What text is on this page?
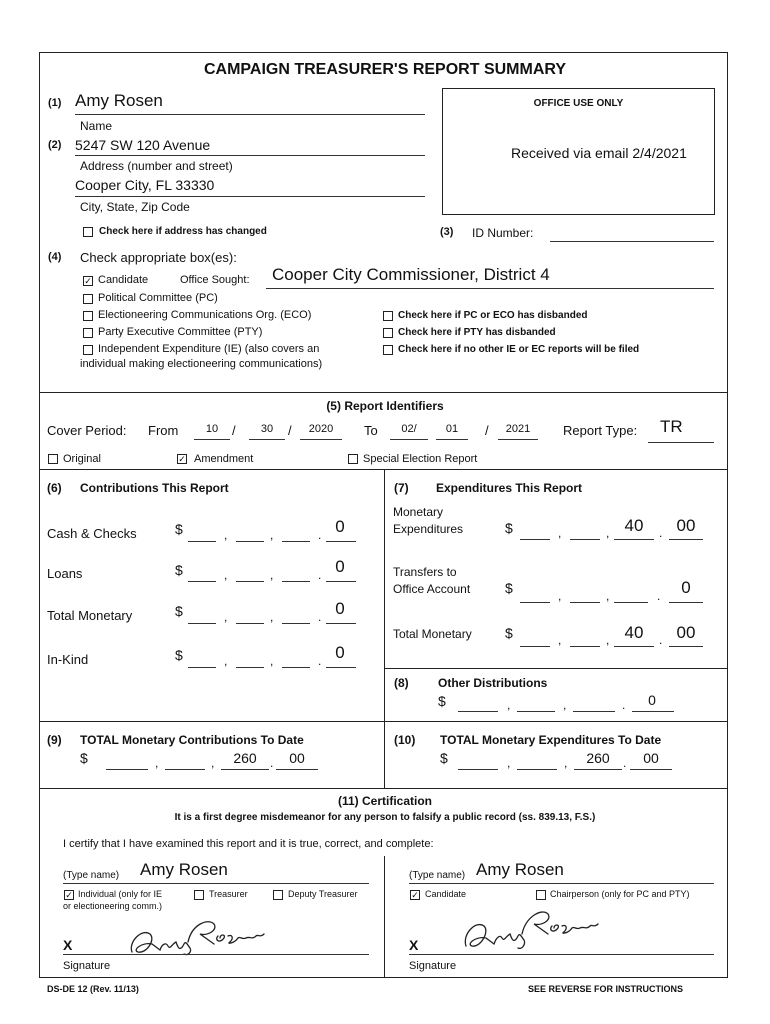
CAMPAIGN TREASURER'S REPORT SUMMARY
(1) Amy Rosen
Name
(2) 5247 SW 120 Avenue
Address (number and street)
Cooper City, FL 33330
City, State, Zip Code
Check here if address has changed
OFFICE USE ONLY
Received via email 2/4/2021
(3) ID Number:
(4) Check appropriate box(es):
✓ Candidate	Office Sought: Cooper City Commissioner, District 4
Political Committee (PC)
Electioneering Communications Org. (ECO)
Party Executive Committee (PTY)
Independent Expenditure (IE) (also covers an
individual making electioneering communications)
Check here if PC or ECO has disbanded
Check here if PTY has disbanded
Check here if no other IE or EC reports will be filed
(5) Report Identifiers
Cover Period: From	10	/	30	/	2020	To	02/	01	/	2021	Report Type: TR
Original	✓ Amendment	Special Election Report
(6) Contributions This Report
Cash & Checks	$	,	,	. 0
Loans	$	,	,	. 0
Total Monetary	$	,	,	. 0
In-Kind	$	,	,	. 0
(7) Expenditures This Report
Monetary
Expenditures	$	,	, 40	. 00
Transfers to
Office Account $	,	,	.	0
Total Monetary $	,	, 40	. 00
(8) Other Distributions
$	,	,	.	0
(9) TOTAL Monetary Contributions To Date
$	,	,	260	.	00
(10) TOTAL Monetary Expenditures To Date
$	,	,	260	.	00
(11) Certification
It is a first degree misdemeanor for any person to falsify a public record (ss. 839.13, F.S.)
I certify that I have examined this report and it is true, correct, and complete:
(Type name) Amy Rosen
✓ Individual (only for IE
or electioneering comm.)
Treasurer	Deputy Treasurer
X
Signature
(Type name) Amy Rosen
✓ Candidate	Chairperson (only for PC and PTY)
X
Signature
DS-DE 12 (Rev. 11/13)	SEE REVERSE FOR INSTRUCTIONS
